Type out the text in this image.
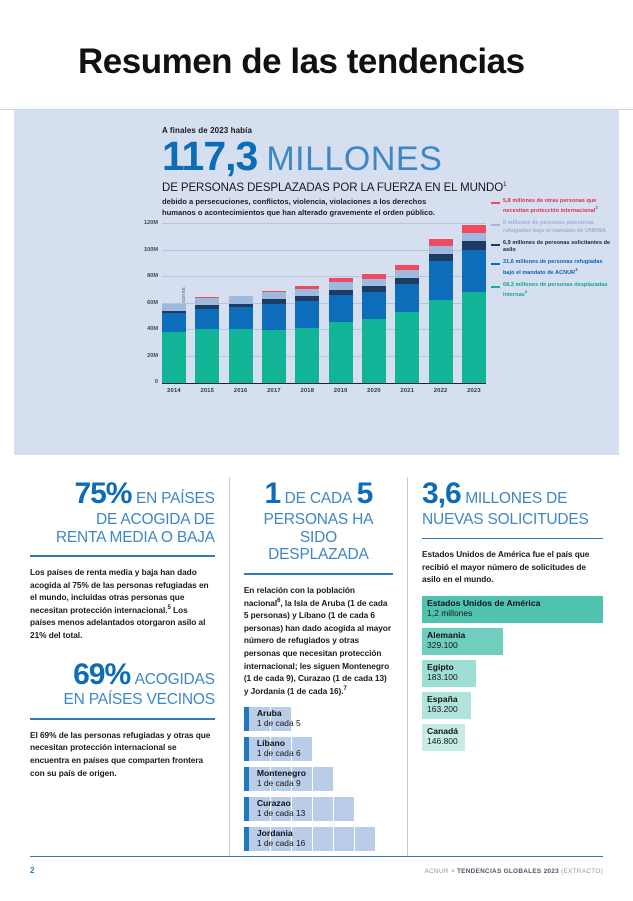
Resumen de las tendencias
A finales de 2023 había
117,3 MILLONES
DE PERSONAS DESPLAZADAS POR LA FUERZA EN EL MUNDO$^1$
debido a persecuciones, conflictos, violencia, violaciones a los derechos humanos o acontecimientos que han alterado gravemente el orden público.
0
20M
40M
60M
80M
100M
120M
2014	2015	2016	2017	2018	2019	2020	2021	2022	2023
5,8 millones de otras personas que necesitan protección internacional$^2$
6 millones de personas palestinas refugiadas bajo el mandato de UNRWA
6,9 millones de personas solicitantes de asilo
31,6 millones de personas refugiadas bajo el mandato de ACNUR$^3$
68,3 millones de personas desplazadas internas$^4$
75% EN PAÍSES
DE ACOGIDA DE
RENTA MEDIA O BAJA

Los países de renta media y baja han dado acogida al 75% de las personas refugiadas en el mundo, incluidas otras personas que necesitan protección internacional.$^5$ Los países menos adelantados otorgaron asilo al 21% del total.

69% ACOGIDAS
EN PAÍSES VECINOS

El 69% de las personas refugiadas y otras que necesitan protección internacional se encuentra en países que comparten frontera con su país de origen.

1 DE CADA 5
PERSONAS HA SIDO
DESPLAZADA

En relación con la población nacional$^6$, la Isla de Aruba (1 de cada 5 personas) y Líbano (1 de cada 6 personas) han dado acogida al mayor número de refugiados y otras personas que necesitan protección internacional; les siguen Montenegro (1 de cada 9), Curazao (1 de cada 13) y Jordania (1 de cada 16).$^7$

Aruba
1 de cada 5
Líbano
1 de cada 6
Montenegro
1 de cada 9
Curazao
1 de cada 13
Jordania
1 de cada 16
3,6 MILLONES DE
NUEVAS SOLICITUDES

Estados Unidos de América fue el país que recibió el mayor número de solicitudes de asilo en el mundo.

Estados Unidos de América
1,2 millones
Alemania
329.100
Egipto
183.100
España
163.200
Canadá
146.800
2	ACNUR > TENDENCIAS GLOBALES 2023 (EXTRACTO)
